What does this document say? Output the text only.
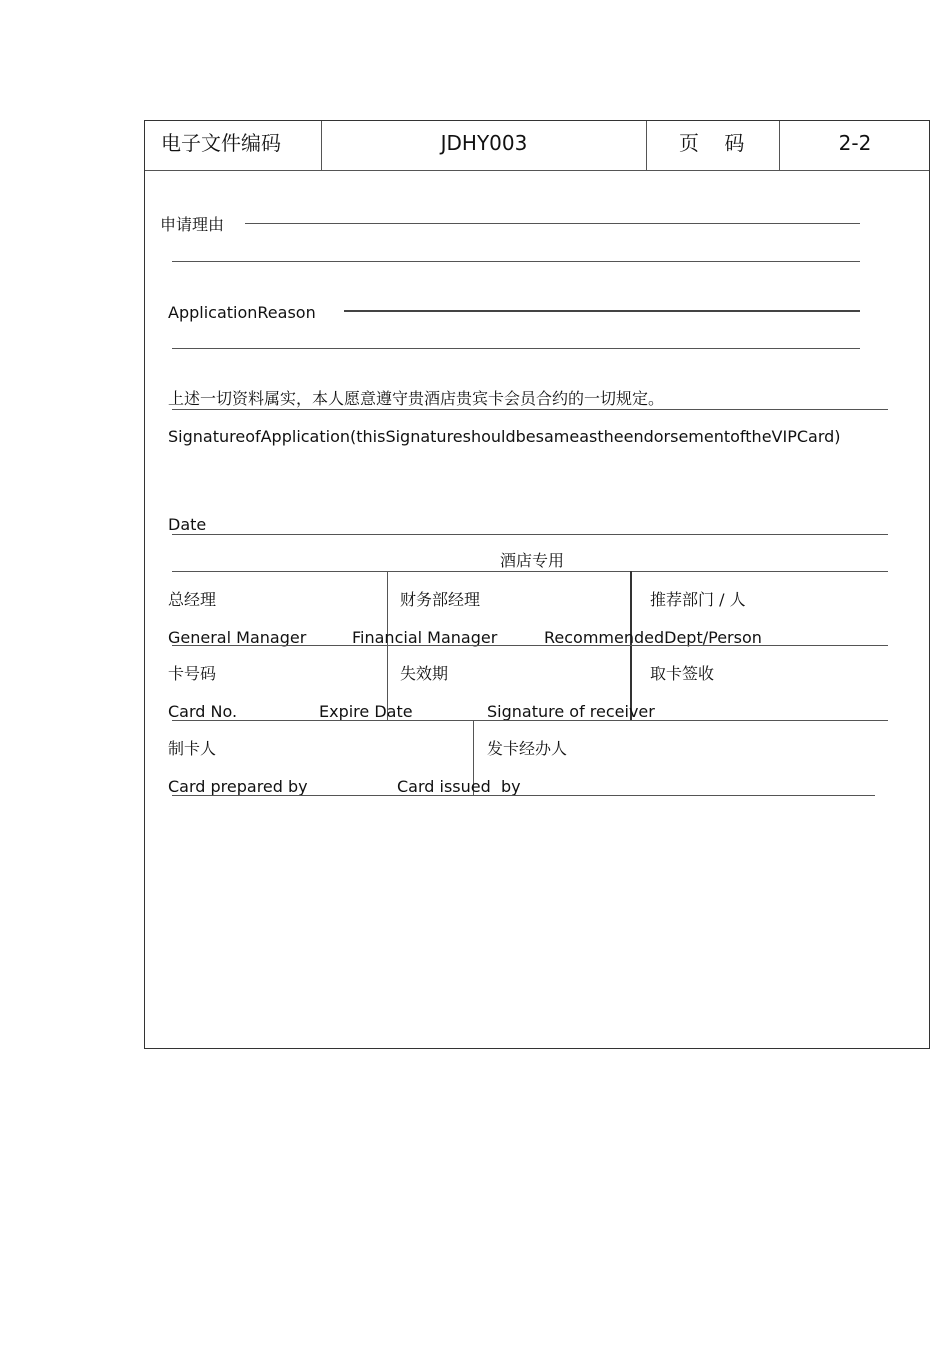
电子文件编码	JDHY003	页    码	2-2
申请理由
ApplicationReason
上述一切资料属实，本人愿意遵守贵酒店贵宾卡会员合约的一切规定。
SignatureofApplication(thisSignatureshouldbesameastheendorsementoftheVIPCard)
Date
酒店专用
总经理	财务部经理	推荐部门 / 人
General Manager	Financial Manager	RecommendedDept/Person
卡号码	失效期	取卡签收
Card No.	Expire Date	Signature of receiver
制卡人	发卡经办人
Card prepared by	Card issued  by
